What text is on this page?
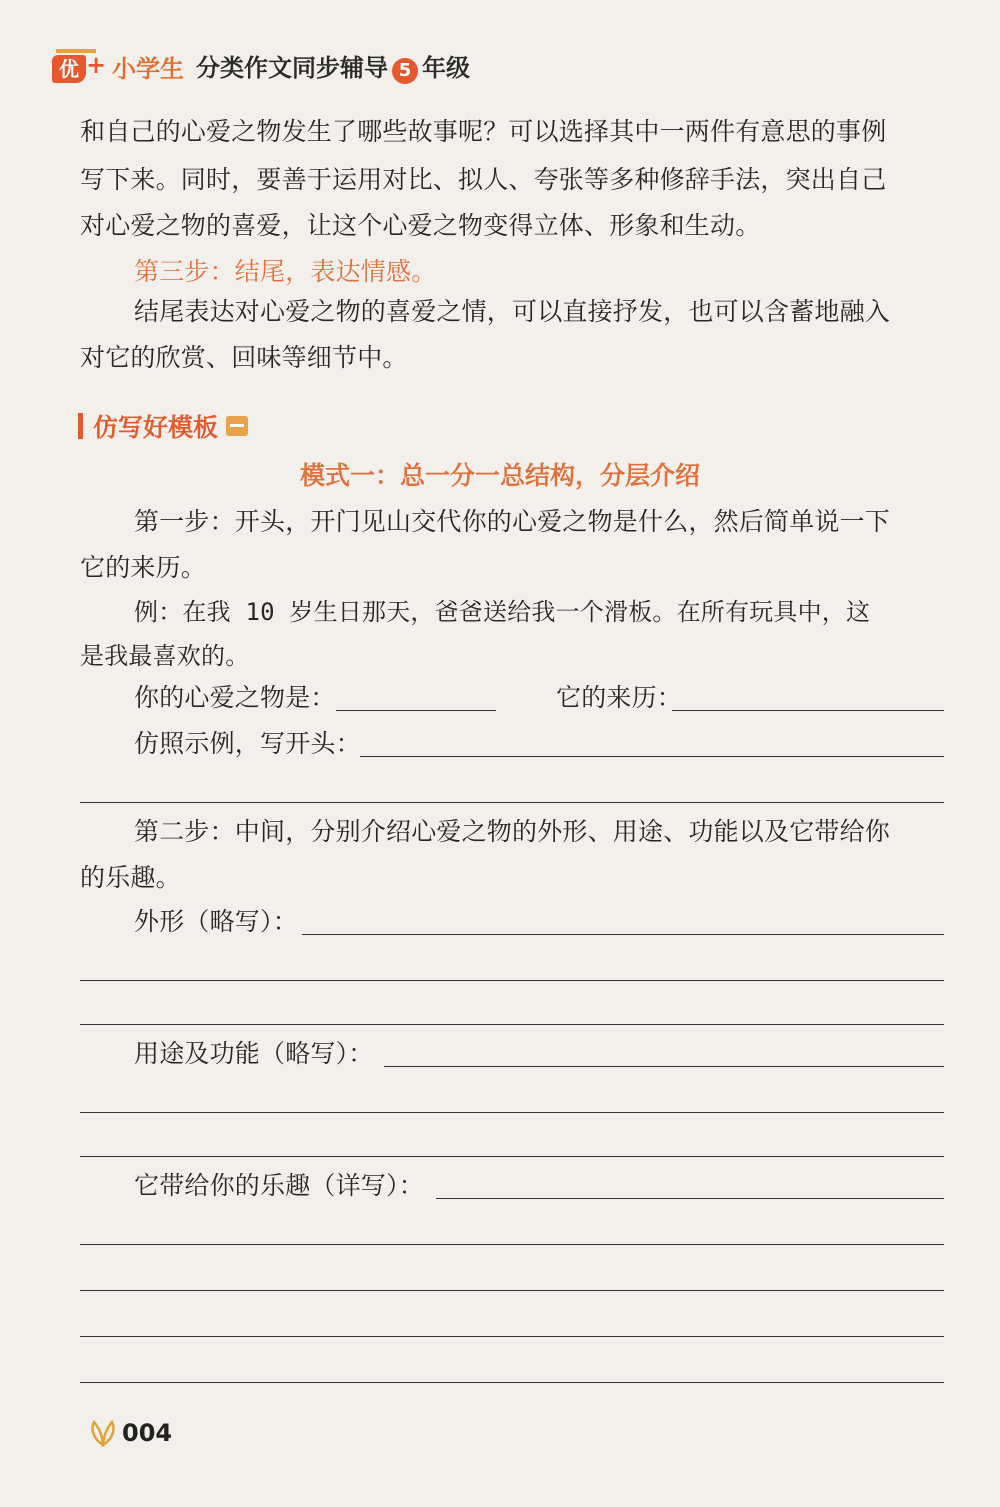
优 + 小学生 分类作文同步辅导 5 年级
和自己的心爱之物发生了哪些故事呢？可以选择其中一两件有意思的事例
写下来。同时，要善于运用对比、拟人、夸张等多种修辞手法，突出自己
对心爱之物的喜爱，让这个心爱之物变得立体、形象和生动。
第三步：结尾，表达情感。
结尾表达对心爱之物的喜爱之情，可以直接抒发，也可以含蓄地融入
对它的欣赏、回味等细节中。
仿写好模板
模式一：总一分一总结构，分层介绍
第一步：开头，开门见山交代你的心爱之物是什么，然后简单说一下
它的来历。
例：在我 10 岁生日那天，爸爸送给我一个滑板。在所有玩具中，这
是我最喜欢的。
你的心爱之物是：	它的来历：
仿照示例，写开头：
第二步：中间，分别介绍心爱之物的外形、用途、功能以及它带给你
的乐趣。
外形（略写）：
用途及功能（略写）：
它带给你的乐趣（详写）：
004
